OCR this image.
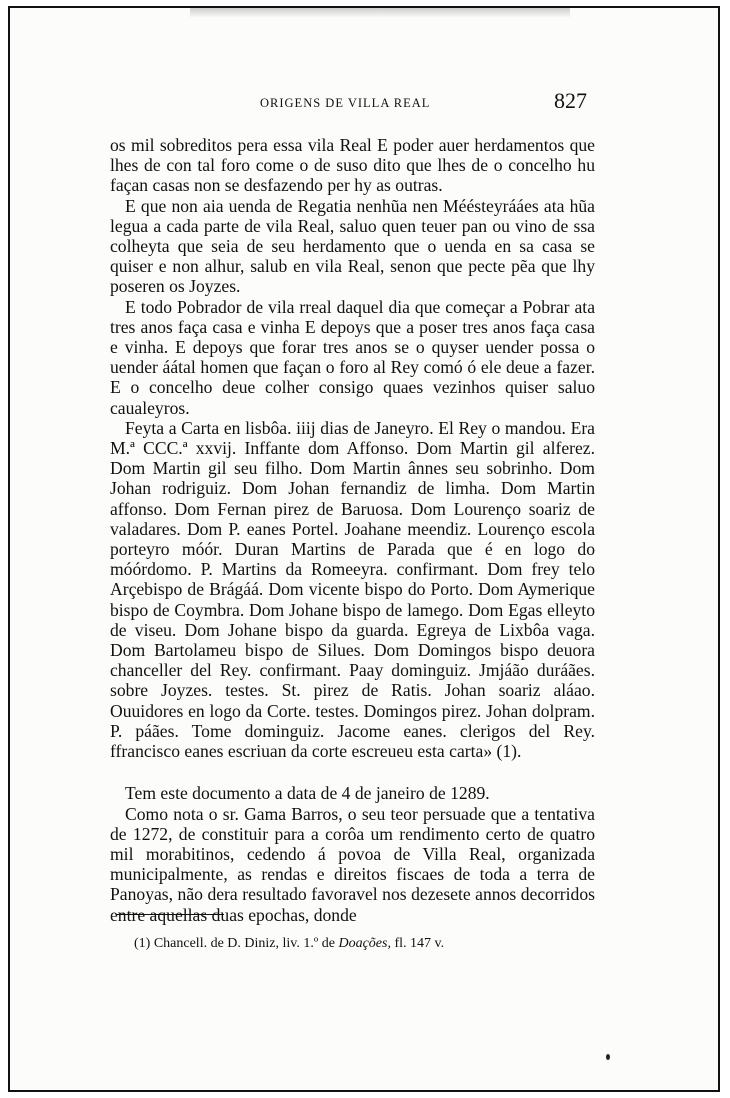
ORIGENS DE VILLA REAL	827

os mil sobreditos pera essa vila Real E poder auer herdamentos que lhes de con tal foro come o de suso dito que lhes de o concelho hu façan casas non se desfazendo per hy as outras.

E que non aia uenda de Regatia nenhũa nen Méésteyrááes ata hũa legua a cada parte de vila Real, saluo quen teuer pan ou vino de ssa colheyta que seia de seu herdamento que o uenda en sa casa se quiser e non alhur, salub en vila Real, senon que pecte pẽa que lhy poseren os Joyzes.

E todo Pobrador de vila rreal daquel dia que começar a Pobrar ata tres anos faça casa e vinha E depoys que a poser tres anos faça casa e vinha. E depoys que forar tres anos se o quyser uender possa o uender áátal homen que façan o foro al Rey comó ó ele deue a fazer. E o concelho deue colher consigo quaes vezinhos quiser saluo caualeyros.

Feyta a Carta en lisbôa. iiij dias de Janeyro. El Rey o mandou. Era M.ª CCC.ª xxvij. Inffante dom Affonso. Dom Martin gil alferez. Dom Martin gil seu filho. Dom Martin ânnes seu sobrinho. Dom Johan rodriguiz. Dom Johan fernandiz de limha. Dom Martin affonso. Dom Fernan pirez de Baruosa. Dom Lourenço soariz de valadares. Dom P. eanes Portel. Joahane meendiz. Lourenço escola porteyro móór. Duran Martins de Parada que é en logo do móórdomo. P. Martins da Romeeyra. confirmant. Dom frey telo Arçebispo de Brágáá. Dom vicente bispo do Porto. Dom Aymerique bispo de Coymbra. Dom Johane bispo de lamego. Dom Egas elleyto de viseu. Dom Johane bispo da guarda. Egreya de Lixbôa vaga. Dom Bartolameu bispo de Silues. Dom Domingos bispo deuora chanceller del Rey. confirmant. Paay dominguiz. Jmjáão duráães. sobre Joyzes. testes. St. pirez de Ratis. Johan soariz aláao. Ouuidores en logo da Corte. testes. Domingos pirez. Johan dolpram. P. páães. Tome dominguiz. Jacome eanes. clerigos del Rey. ffrancisco eanes escriuan da corte escreueu esta carta» (1).

Tem este documento a data de 4 de janeiro de 1289.

Como nota o sr. Gama Barros, o seu teor persuade que a tentativa de 1272, de constituir para a corôa um rendimento certo de quatro mil morabitinos, cedendo á povoa de Villa Real, organizada municipalmente, as rendas e direitos fiscaes de toda a terra de Panoyas, não dera resultado favoravel nos dezesete annos decorridos entre aquellas duas epochas, donde

(1) Chancell. de D. Diniz, liv. 1.º de Doações, fl. 147 v.
